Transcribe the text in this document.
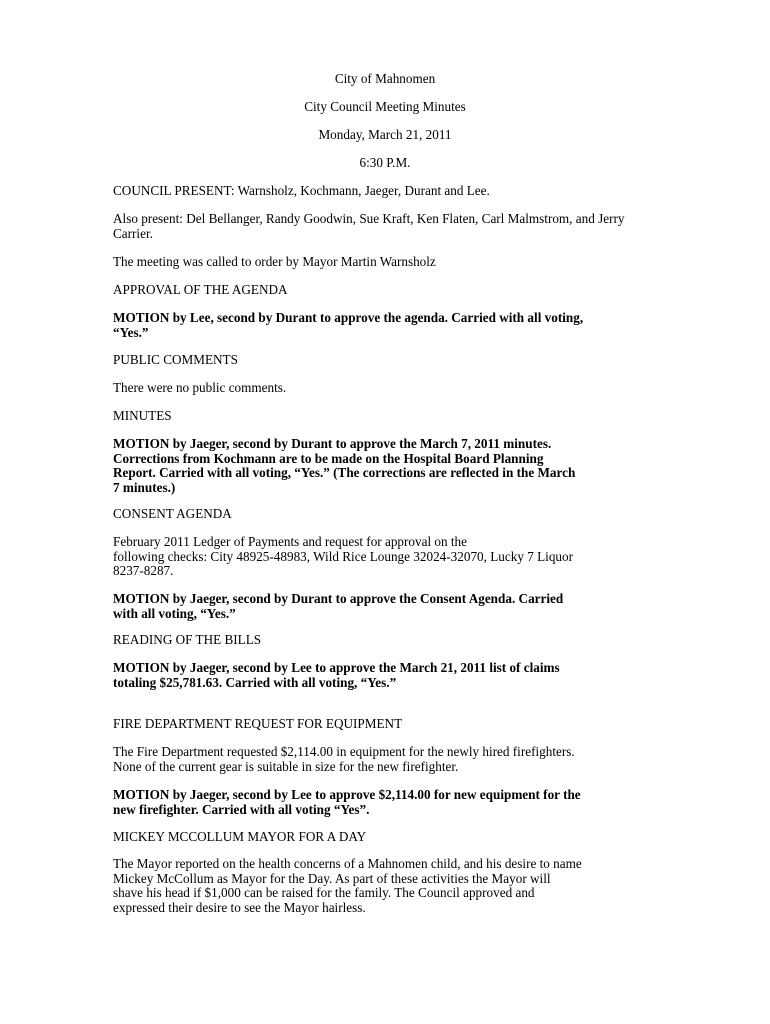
City of Mahnomen

City Council Meeting Minutes

Monday, March 21, 2011

6:30 P.M.

COUNCIL PRESENT: Warnsholz, Kochmann, Jaeger, Durant and Lee.

Also present: Del Bellanger, Randy Goodwin, Sue Kraft, Ken Flaten, Carl Malmstrom, and Jerry Carrier.

The meeting was called to order by Mayor Martin Warnsholz

APPROVAL OF THE AGENDA

MOTION by Lee, second by Durant to approve the agenda. Carried with all voting,
“Yes.”

PUBLIC COMMENTS

There were no public comments.

MINUTES

MOTION by Jaeger, second by Durant to approve the March 7, 2011 minutes.
Corrections from Kochmann are to be made on the Hospital Board Planning
Report. Carried with all voting, “Yes.” (The corrections are reflected in the March
7 minutes.)

CONSENT AGENDA

February 2011 Ledger of Payments and request for approval on the
following checks: City 48925-48983, Wild Rice Lounge 32024-32070, Lucky 7 Liquor
8237-8287.
MOTION by Jaeger, second by Durant to approve the Consent Agenda. Carried
with all voting, “Yes.”

READING OF THE BILLS

MOTION by Jaeger, second by Lee to approve the March 21, 2011 list of claims
totaling $25,781.63. Carried with all voting, “Yes.”

FIRE DEPARTMENT REQUEST FOR EQUIPMENT

The Fire Department requested $2,114.00 in equipment for the newly hired firefighters.
None of the current gear is suitable in size for the new firefighter.
MOTION by Jaeger, second by Lee to approve $2,114.00 for new equipment for the
new firefighter. Carried with all voting “Yes”.

MICKEY MCCOLLUM MAYOR FOR A DAY

The Mayor reported on the health concerns of a Mahnomen child, and his desire to name
Mickey McCollum as Mayor for the Day. As part of these activities the Mayor will
shave his head if $1,000 can be raised for the family. The Council approved and
expressed their desire to see the Mayor hairless.
